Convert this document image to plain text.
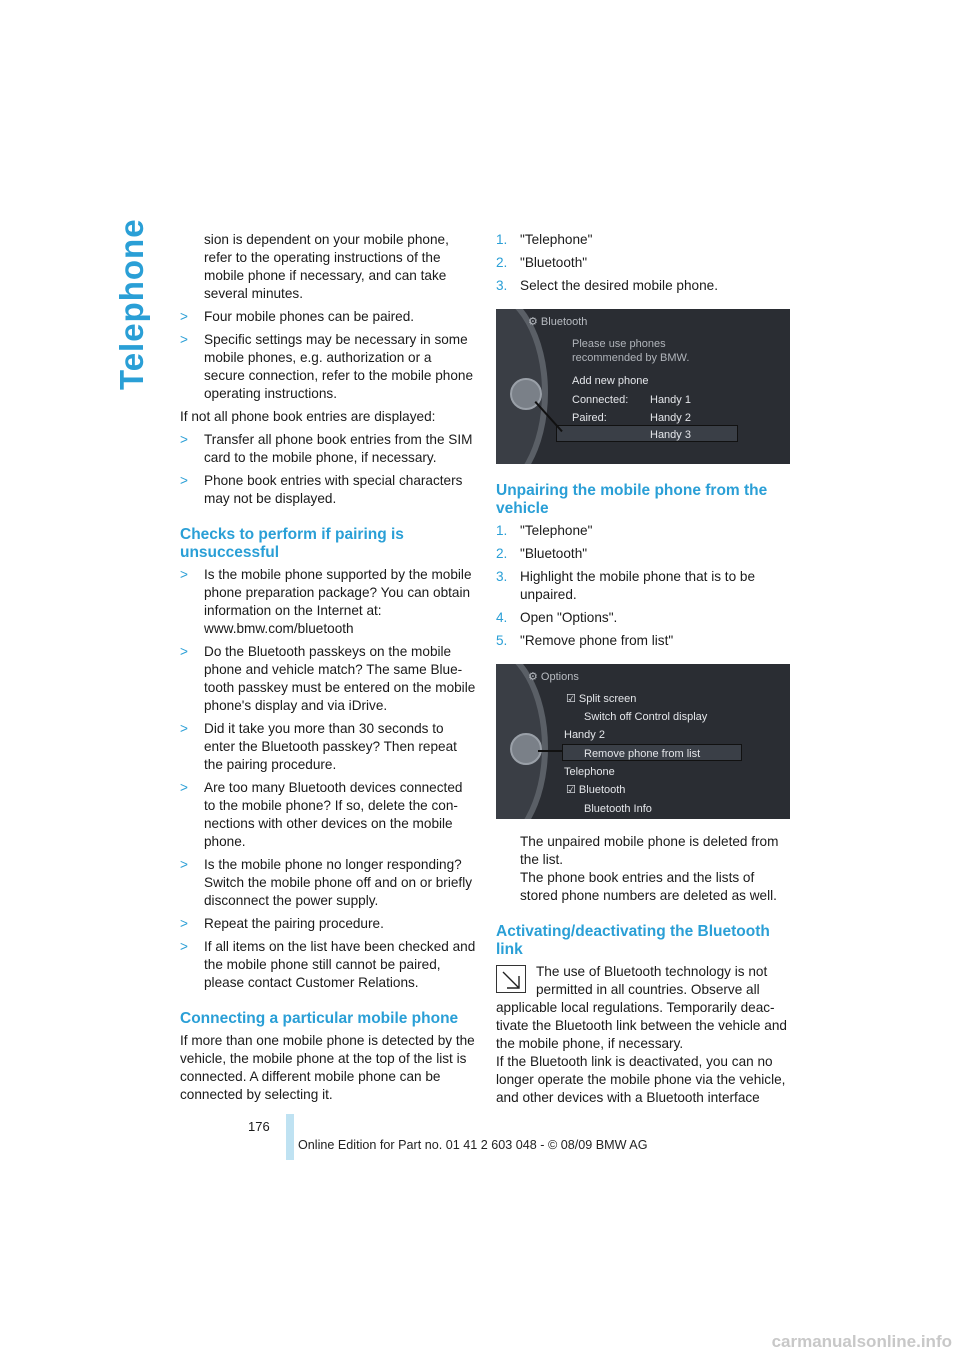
Telephone	sion is dependent on your mobile phone, refer to the operating instructions of the mobile phone if necessary, and can take several minutes.

> Four mobile phones can be paired.
> Specific settings may be necessary in some mobile phones, e.g. authorization or a secure connection, refer to the mobile phone operating instructions.

If not all phone book entries are displayed:

> Transfer all phone book entries from the SIM card to the mobile phone, if necessary.
> Phone book entries with special characters may not be displayed.
Checks to perform if pairing is unsuccessful
> Is the mobile phone supported by the mobile phone preparation package? You can obtain information on the Internet at: www.bmw.com/bluetooth
> Do the Bluetooth passkeys on the mobile phone and vehicle match? The same Blue-tooth passkey must be entered on the mobile phone's display and via iDrive.
> Did it take you more than 30 seconds to enter the Bluetooth passkey? Then repeat the pairing procedure.
> Are too many Bluetooth devices connected to the mobile phone? If so, delete the con-nections with other devices on the mobile phone.
> Is the mobile phone no longer responding? Switch the mobile phone off and on or briefly disconnect the power supply.
> Repeat the pairing procedure.
> If all items on the list have been checked and the mobile phone still cannot be paired, please contact Customer Relations.
Connecting a particular mobile phone

If more than one mobile phone is detected by the vehicle, the mobile phone at the top of the list is connected. A different mobile phone can be connected by selecting it.

1. "Telephone"
2. "Bluetooth"
3. Select the desired mobile phone.
⚙ Bluetooth
Please use phones
recommended by BMW.
Add new phone
Connected: Handy 1
Paired:	Handy 2
Handy 3
Unpairing the mobile phone from the vehicle
1. "Telephone"
2. "Bluetooth"
3. Highlight the mobile phone that is to be unpaired.
4. Open "Options".
5. "Remove phone from list"
⚙ Options
☑ Split screen
Switch off Control display
Handy 2
Remove phone from list
Telephone
☑ Bluetooth
Bluetooth Info

The unpaired mobile phone is deleted from the list.

The phone book entries and the lists of stored phone numbers are deleted as well.

Activating/deactivating the Bluetooth link
The use of Bluetooth technology is not permitted in all countries. Observe all applicable local regulations. Temporarily deac-tivate the Bluetooth link between the vehicle and the mobile phone, if necessary.

If the Bluetooth link is deactivated, you can no longer operate the mobile phone via the vehicle, and other devices with a Bluetooth interface

176
Online Edition for Part no. 01 41 2 603 048 - © 08/09 BMW AG
carmanualsonline.info
